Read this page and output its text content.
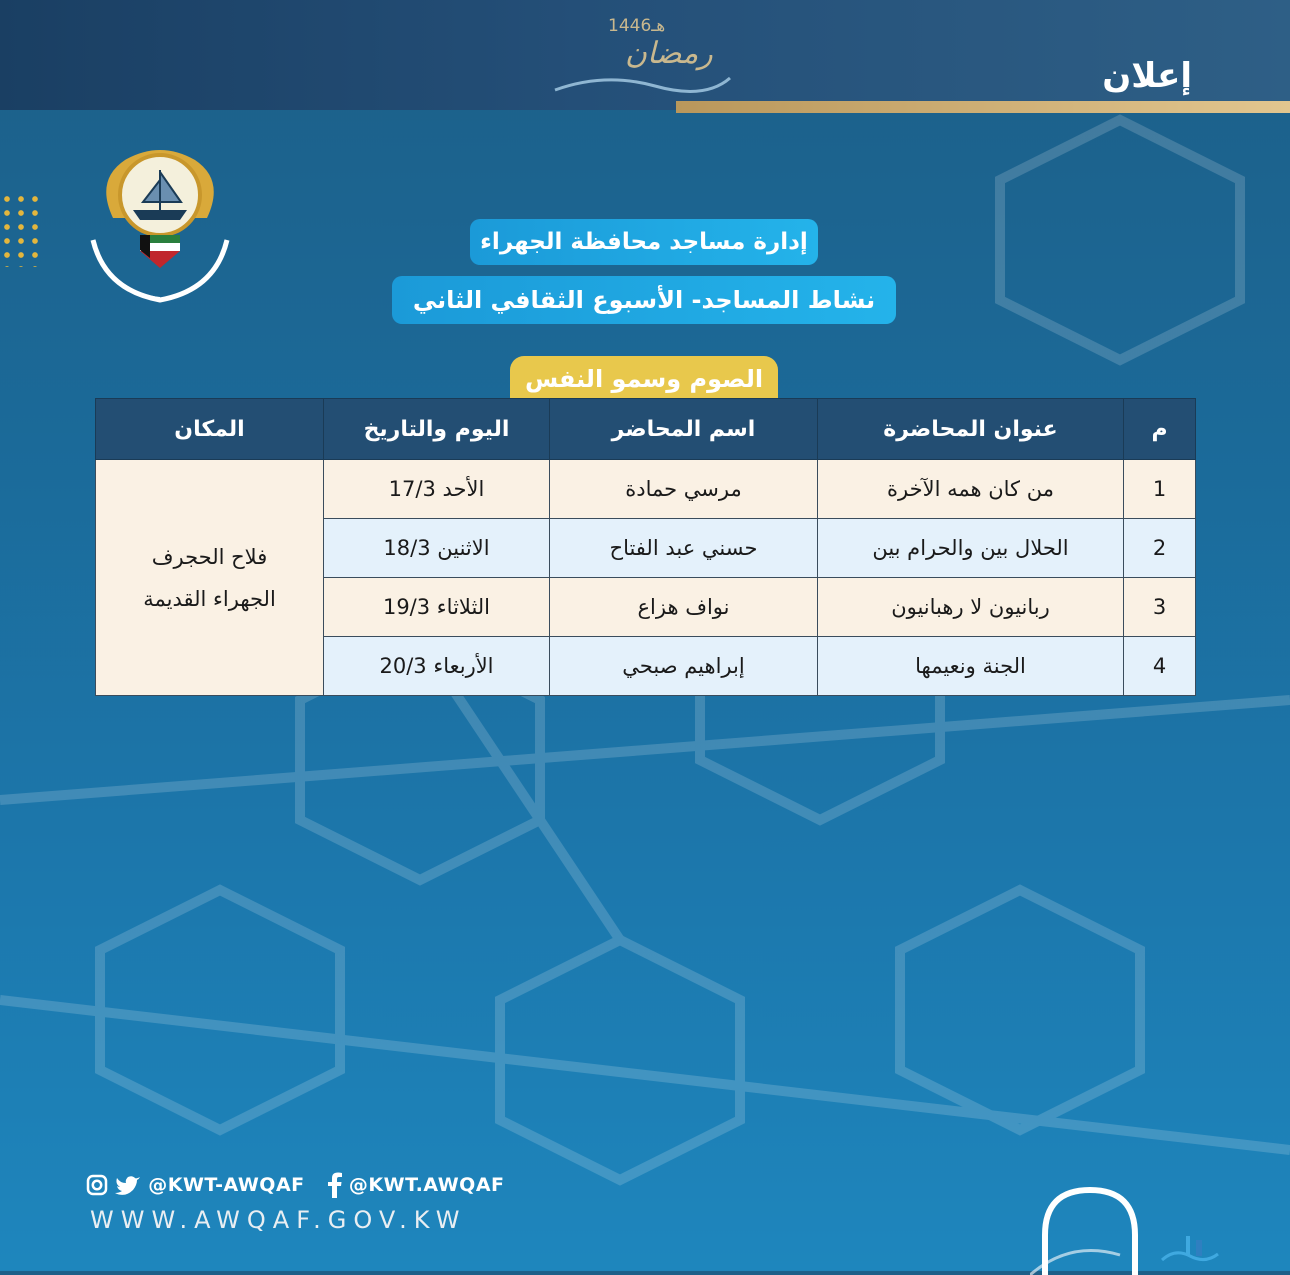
إعلان
1446هـ
رمضان
إدارة مساجد محافظة الجهراء
نشاط المساجد- الأسبوع الثقافي الثاني
الصوم وسمو النفس
م	عنوان المحاضرة	اسم المحاضر	اليوم والتاريخ	المكان
1	من كان همه الآخرة	مرسي حمادة	الأحد 17/3	فلاح الحجرف
الجهراء القديمة

2	الحلال بين والحرام بين	حسني عبد الفتاح	الاثنين 18/3	
3	ربانيون لا رهبانيون	نواف هزاع	الثلاثاء 19/3	
4	الجنة ونعيمها	إبراهيم صبحي	الأربعاء 20/3	
@KWT-AWQAF @KWT.AWQAF
WWW.AWQAF.GOV.KW
